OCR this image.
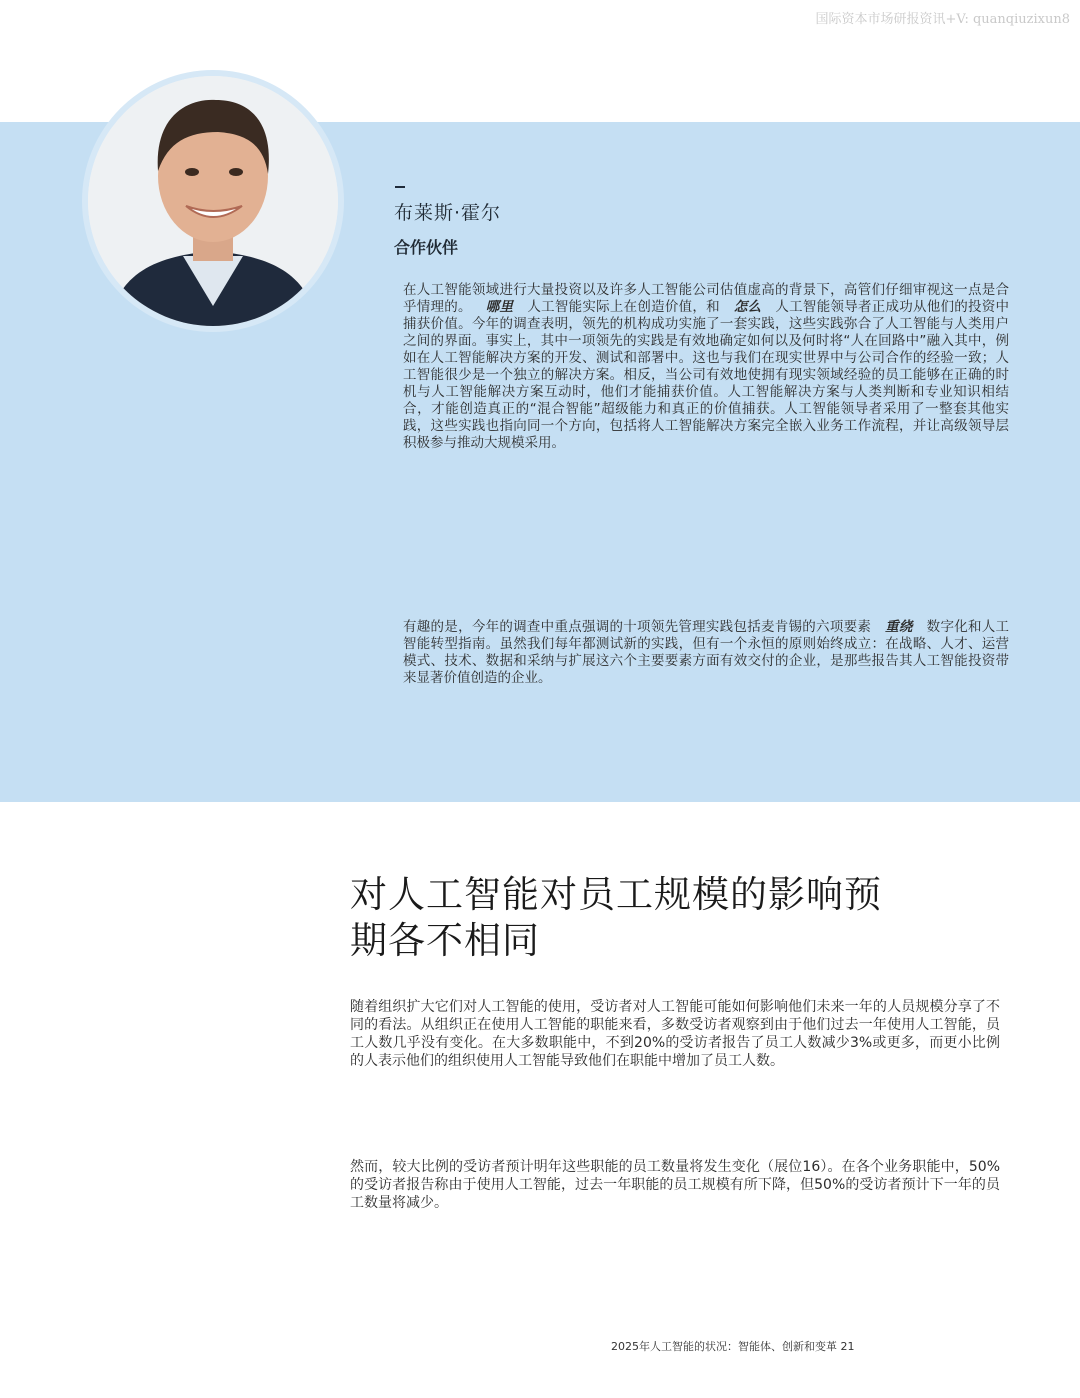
国际资本市场研报资讯+V: quanqiuzixun8
布莱斯·霍尔
合作伙伴
在人工智能领域进行大量投资以及许多人工智能公司估值虚高的背景下，高管们仔细审视这一点是合乎情理的。 哪里 人工智能实际上在创造价值，和 怎么 人工智能领导者正成功从他们的投资中捕获价值。今年的调查表明，领先的机构成功实施了一套实践，这些实践弥合了人工智能与人类用户之间的界面。事实上，其中一项领先的实践是有效地确定如何以及何时将“人在回路中”融入其中，例如在人工智能解决方案的开发、测试和部署中。这也与我们在现实世界中与公司合作的经验一致；人工智能很少是一个独立的解决方案。相反，当公司有效地使拥有现实领域经验的员工能够在正确的时机与人工智能解决方案互动时，他们才能捕获价值。人工智能解决方案与人类判断和专业知识相结合，才能创造真正的“混合智能”超级能力和真正的价值捕获。人工智能领导者采用了一整套其他实践，这些实践也指向同一个方向，包括将人工智能解决方案完全嵌入业务工作流程，并让高级领导层积极参与推动大规模采用。
有趣的是，今年的调查中重点强调的十项领先管理实践包括麦肯锡的六项要素 重绕 数字化和人工智能转型指南。虽然我们每年都测试新的实践，但有一个永恒的原则始终成立：在战略、人才、运营模式、技术、数据和采纳与扩展这六个主要要素方面有效交付的企业，是那些报告其人工智能投资带来显著价值创造的企业。
对人工智能对员工规模的影响预
期各不相同
随着组织扩大它们对人工智能的使用，受访者对人工智能可能如何影响他们未来一年的人员规模分享了不同的看法。从组织正在使用人工智能的职能来看，多数受访者观察到由于他们过去一年使用人工智能，员工人数几乎没有变化。在大多数职能中，不到20%的受访者报告了员工人数减少3%或更多，而更小比例的人表示他们的组织使用人工智能导致他们在职能中增加了员工人数。
然而，较大比例的受访者预计明年这些职能的员工数量将发生变化（展位16）。在各个业务职能中，50%的受访者报告称由于使用人工智能，过去一年职能的员工规模有所下降，但50%的受访者预计下一年的员工数量将减少。
2025年人工智能的状况：智能体、创新和变革 21
